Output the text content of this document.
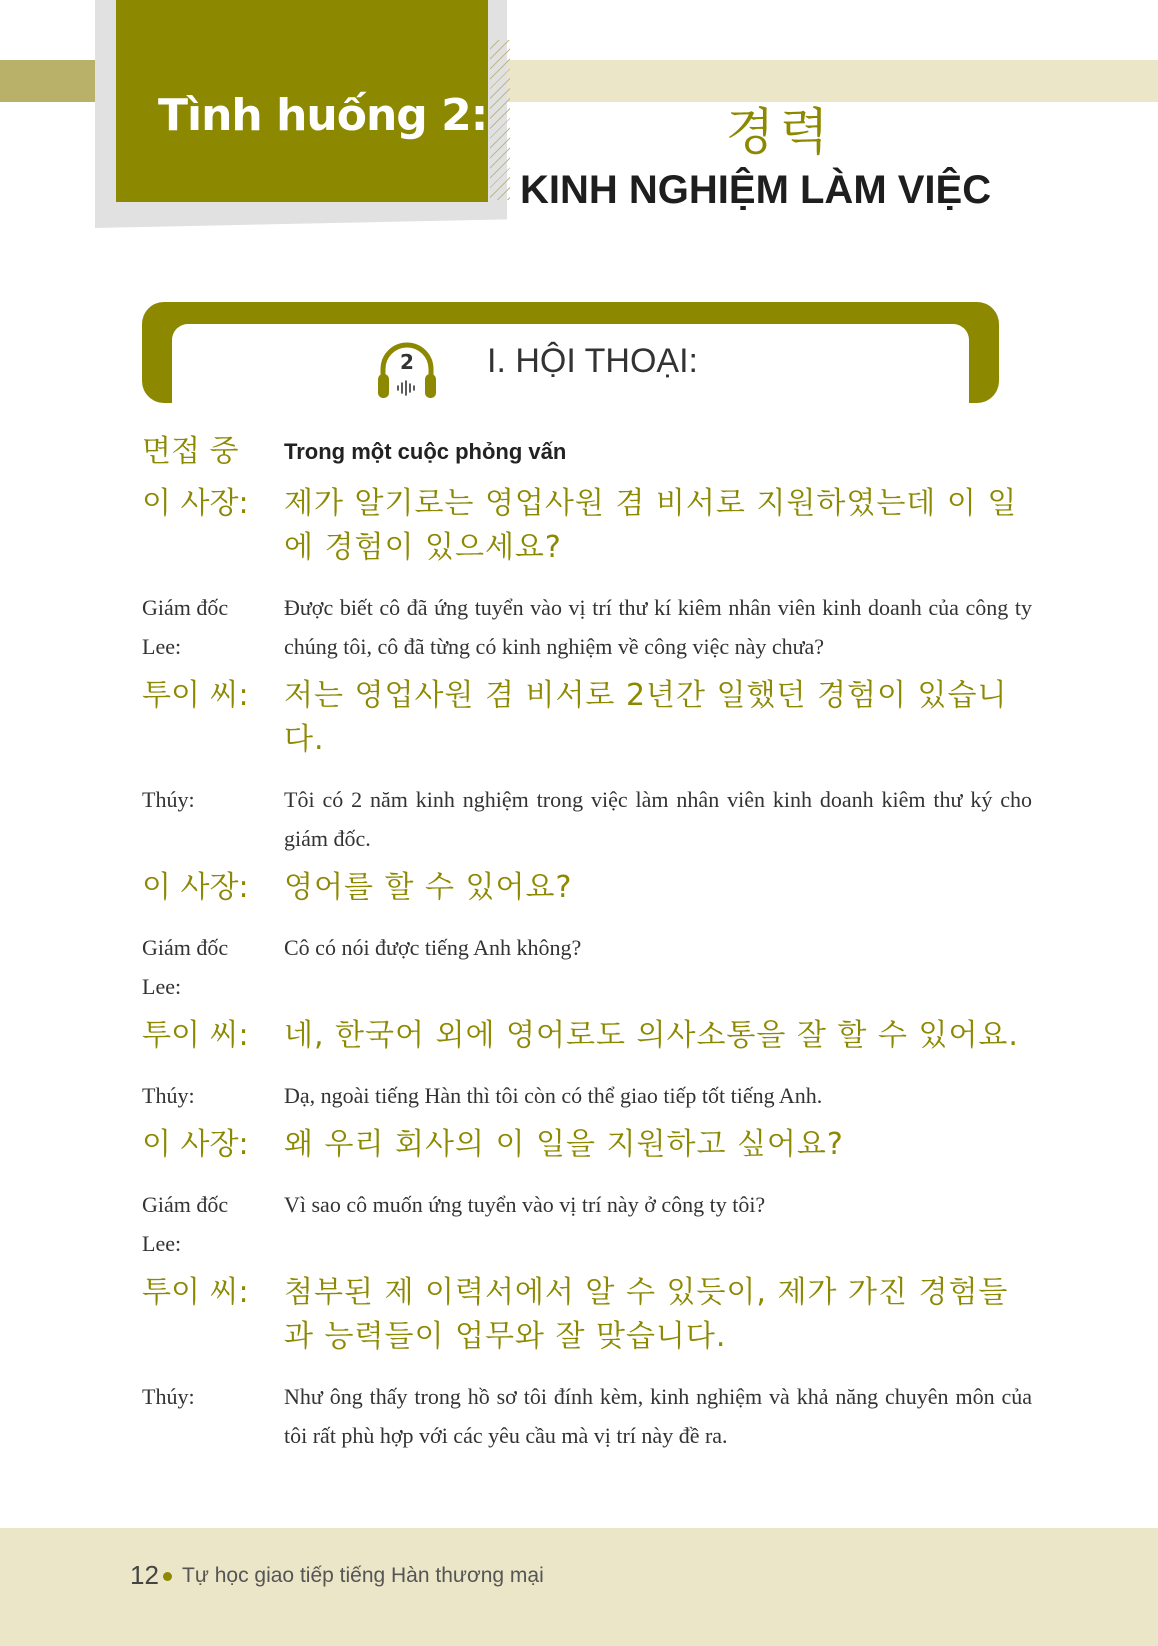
Tình huống 2:	경력

KINH NGHIỆM LÀM VIỆC

2 I. HỘI THOẠI:

면접 중	Trong một cuộc phỏng vấn
이 사장:	제가 알기로는 영업사원 겸 비서로 지원하였는데 이 일에 경험이 있으세요?
Giám đốc
Lee:
Được biết cô đã ứng tuyển vào vị trí thư kí kiêm nhân viên kinh doanh của công ty chúng tôi, cô đã từng có kinh nghiệm về công việc này chưa?
투이 씨:	저는 영업사원 겸 비서로 2년간 일했던 경험이 있습니다.
Thúy:	Tôi có 2 năm kinh nghiệm trong việc làm nhân viên kinh doanh kiêm thư ký cho giám đốc.
이 사장:	영어를 할 수 있어요?
Giám đốc
Lee:
Cô có nói được tiếng Anh không?
투이 씨:	네, 한국어 외에 영어로도 의사소통을 잘 할 수 있어요.
Thúy:	Dạ, ngoài tiếng Hàn thì tôi còn có thể giao tiếp tốt tiếng Anh.
이 사장:	왜 우리 회사의 이 일을 지원하고 싶어요?
Giám đốc
Lee:
Vì sao cô muốn ứng tuyển vào vị trí này ở công ty tôi?
투이 씨:	첨부된 제 이력서에서 알 수 있듯이, 제가 가진 경험들과 능력들이 업무와 잘 맞습니다.
Thúy:	Như ông thấy trong hồ sơ tôi đính kèm, kinh nghiệm và khả năng chuyên môn của tôi rất phù hợp với các yêu cầu mà vị trí này đề ra.

12 Tự học giao tiếp tiếng Hàn thương mại
